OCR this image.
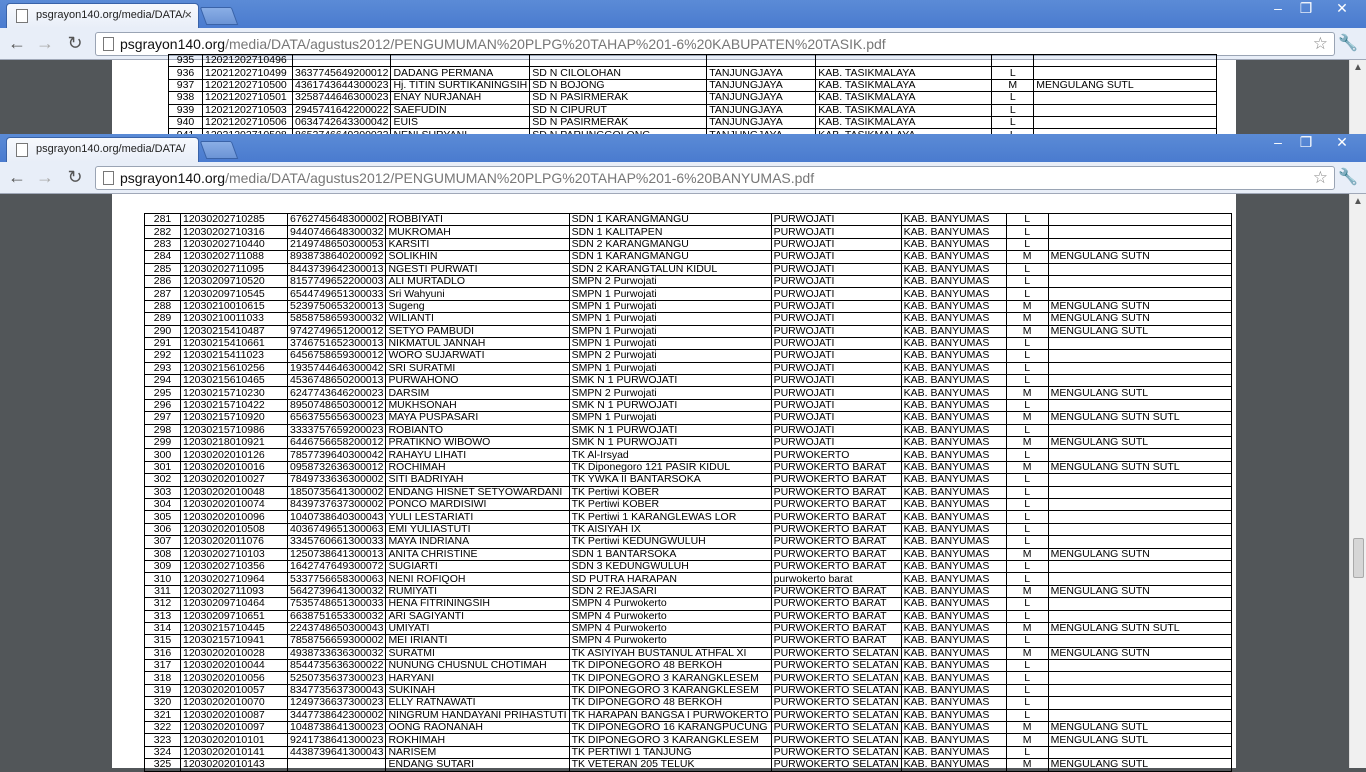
psgrayon140.org/media/DATA/ ×	–	❐	✕
← → ↻	psgrayon140.org/media/DATA/agustus2012/PENGUMUMAN%20PLPG%20TAHAP%201-6%20KABUPATEN%20TASIK.pdf	☆ 🔧
935	12021202710496							
936	12021202710499	3637745649200012	DADANG PERMANA	SD N CILOLOHAN	TANJUNGJAYA	KAB. TASIKMALAYA	L	
937	12021202710500	4361743644300023	Hj. TITIN SURTIKANINGSIH	SD N BOJONG	TANJUNGJAYA	KAB. TASIKMALAYA	M	MENGULANG SUTL
938	12021202710501	3258744646300023	ENAY NURJANAH	SD N PASIRMERAK	TANJUNGJAYA	KAB. TASIKMALAYA	L	
939	12021202710503	2945741642200022	SAEFUDIN	SD N CIPURUT	TANJUNGJAYA	KAB. TASIKMALAYA	L	
940	12021202710506	0634742643300042	EUIS	SD N PASIRMERAK	TANJUNGJAYA	KAB. TASIKMALAYA	L	

▲
psgrayon140.org/media/DATA/	–	❐	✕
← → ↻	psgrayon140.org/media/DATA/agustus2012/PENGUMUMAN%20PLPG%20TAHAP%201-6%20BANYUMAS.pdf	☆ 🔧
281	12030202710285	6762745648300002	ROBBIYATI	SDN 1 KARANGMANGU	PURWOJATI	KAB. BANYUMAS	L	
282	12030202710316	9440746648300032	MUKROMAH	SDN 1 KALITAPEN	PURWOJATI	KAB. BANYUMAS	L	
283	12030202710440	2149748650300053	KARSITI	SDN 2 KARANGMANGU	PURWOJATI	KAB. BANYUMAS	L	
284	12030202711088	8938738640200092	SOLIKHIN	SDN 1 KARANGMANGU	PURWOJATI	KAB. BANYUMAS	M	MENGULANG SUTN
285	12030202711095	8443739642300013	NGESTI PURWATI	SDN 2 KARANGTALUN KIDUL	PURWOJATI	KAB. BANYUMAS	L	
286	12030209710520	8157749652200003	ALI MURTADLO	SMPN 2 Purwojati	PURWOJATI	KAB. BANYUMAS	L	
287	12030209710545	6544749651300033	Sri Wahyuni	SMPN 1 Purwojati	PURWOJATI	KAB. BANYUMAS	L	
288	12030210010615	5239750653200013	Sugeng	SMPN 1 Purwojati	PURWOJATI	KAB. BANYUMAS	M	MENGULANG SUTN
289	12030210011033	5858758659300032	WILIANTI	SMPN 1 Purwojati	PURWOJATI	KAB. BANYUMAS	M	MENGULANG SUTN
290	12030215410487	9742749651200012	SETYO PAMBUDI	SMPN 1 Purwojati	PURWOJATI	KAB. BANYUMAS	M	MENGULANG SUTL
291	12030215410661	3746751652300013	NIKMATUL JANNAH	SMPN 1 Purwojati	PURWOJATI	KAB. BANYUMAS	L	
292	12030215411023	6456758659300012	WORO SUJARWATI	SMPN 2 Purwojati	PURWOJATI	KAB. BANYUMAS	L	
293	12030215610256	1935744646300042	SRI SURATMI	SMPN 1 Purwojati	PURWOJATI	KAB. BANYUMAS	L	
294	12030215610465	4536748650200013	PURWAHONO	SMK N 1 PURWOJATI	PURWOJATI	KAB. BANYUMAS	L	
295	12030215710230	6247743646200023	DARSIM	SMPN 2 Purwojati	PURWOJATI	KAB. BANYUMAS	M	MENGULANG SUTL
296	12030215710422	8950748650300012	MUKHSONAH	SMK N 1 PURWOJATI	PURWOJATI	KAB. BANYUMAS	L	
297	12030215710920	6563755656300023	MAYA PUSPASARI	SMPN 1 Purwojati	PURWOJATI	KAB. BANYUMAS	M	MENGULANG SUTN SUTL
298	12030215710986	3333757659200023	ROBIANTO	SMK N 1 PURWOJATI	PURWOJATI	KAB. BANYUMAS	L	
299	12030218010921	6446756658200012	PRATIKNO WIBOWO	SMK N 1 PURWOJATI	PURWOJATI	KAB. BANYUMAS	M	MENGULANG SUTL
300	12030202010126	7857739640300042	RAHAYU LIHATI	TK Al-Irsyad	PURWOKERTO	KAB. BANYUMAS	L	
301	12030202010016	0958732636300012	ROCHIMAH	TK Diponegoro 121 PASIR KIDUL	PURWOKERTO BARAT	KAB. BANYUMAS	M	MENGULANG SUTN SUTL
302	12030202010027	7849733636300002	SITI BADRIYAH	TK YWKA II BANTARSOKA	PURWOKERTO BARAT	KAB. BANYUMAS	L	
303	12030202010048	1850735641300002	ENDANG HISNET SETYOWARDANI	TK Pertiwi KOBER	PURWOKERTO BARAT	KAB. BANYUMAS	L	
304	12030202010074	8439737637300002	PONCO MARDISIWI	TK Pertiwi KOBER	PURWOKERTO BARAT	KAB. BANYUMAS	L	
305	12030202010096	1040738640300043	YULI LESTARIATI	TK Pertiwi 1 KARANGLEWAS LOR	PURWOKERTO BARAT	KAB. BANYUMAS	L	
306	12030202010508	4036749651300063	EMI YULIASTUTI	TK AISIYAH IX	PURWOKERTO BARAT	KAB. BANYUMAS	L	
307	12030202011076	3345760661300033	MAYA INDRIANA	TK Pertiwi KEDUNGWULUH	PURWOKERTO BARAT	KAB. BANYUMAS	L	
308	12030202710103	1250738641300013	ANITA CHRISTINE	SDN 1 BANTARSOKA	PURWOKERTO BARAT	KAB. BANYUMAS	M	MENGULANG SUTN
309	12030202710356	1642747649300072	SUGIARTI	SDN 3 KEDUNGWULUH	PURWOKERTO BARAT	KAB. BANYUMAS	L	
310	12030202710964	5337756658300063	NENI ROFIQOH	SD PUTRA HARAPAN	purwokerto barat	KAB. BANYUMAS	L	
311	12030202711093	5642739641300032	RUMIYATI	SDN 2 REJASARI	PURWOKERTO BARAT	KAB. BANYUMAS	M	MENGULANG SUTN
312	12030209710464	7535748651300033	HENA FITRININGSIH	SMPN 4 Purwokerto	PURWOKERTO BARAT	KAB. BANYUMAS	L	
313	12030209710651	6638751653300032	ARI SAGIYANTI	SMPN 4 Purwokerto	PURWOKERTO BARAT	KAB. BANYUMAS	L	
314	12030215710445	2243748650300043	UMIYATI	SMPN 4 Purwokerto	PURWOKERTO BARAT	KAB. BANYUMAS	M	MENGULANG SUTN SUTL
315	12030215710941	7858756659300002	MEI IRIANTI	SMPN 4 Purwokerto	PURWOKERTO BARAT	KAB. BANYUMAS	L	
316	12030202010028	4938733636300032	SURATMI	TK ASIYIYAH BUSTANUL ATHFAL XI	PURWOKERTO SELATAN	KAB. BANYUMAS	M	MENGULANG SUTN
317	12030202010044	8544735636300022	NUNUNG CHUSNUL CHOTIMAH	TK DIPONEGORO 48 BERKOH	PURWOKERTO SELATAN	KAB. BANYUMAS	L	
318	12030202010056	5250735637300023	HARYANI	TK DIPONEGORO 3 KARANGKLESEM	PURWOKERTO SELATAN	KAB. BANYUMAS	L	
319	12030202010057	8347735637300043	SUKINAH	TK DIPONEGORO 3 KARANGKLESEM	PURWOKERTO SELATAN	KAB. BANYUMAS	L	
320	12030202010070	1249736637300023	ELLY RATNAWATI	TK DIPONEGORO 48 BERKOH	PURWOKERTO SELATAN	KAB. BANYUMAS	L	
321	12030202010087	3447738642300002	NINGRUM HANDAYANI PRIHASTUTI	TK HARAPAN BANGSA I PURWOKERTO	PURWOKERTO SELATAN	KAB. BANYUMAS	L	
322	12030202010097	1048738641300023	OONG RAONANAH	TK DIPONEGORO 16 KARANGPUCUNG	PURWOKERTO SELATAN	KAB. BANYUMAS	M	MENGULANG SUTL
323	12030202010101	9241738641300023	ROKHIMAH	TK DIPONEGORO 3 KARANGKLESEM	PURWOKERTO SELATAN	KAB. BANYUMAS	M	MENGULANG SUTL
324	12030202010141	4438739641300043	NARISEM	TK PERTIWI 1 TANJUNG	PURWOKERTO SELATAN	KAB. BANYUMAS	L	
325	12030202010143		ENDANG SUTARI	TK VETERAN 205 TELUK	PURWOKERTO SELATAN	KAB. BANYUMAS	M	MENGULANG SUTL
▲
